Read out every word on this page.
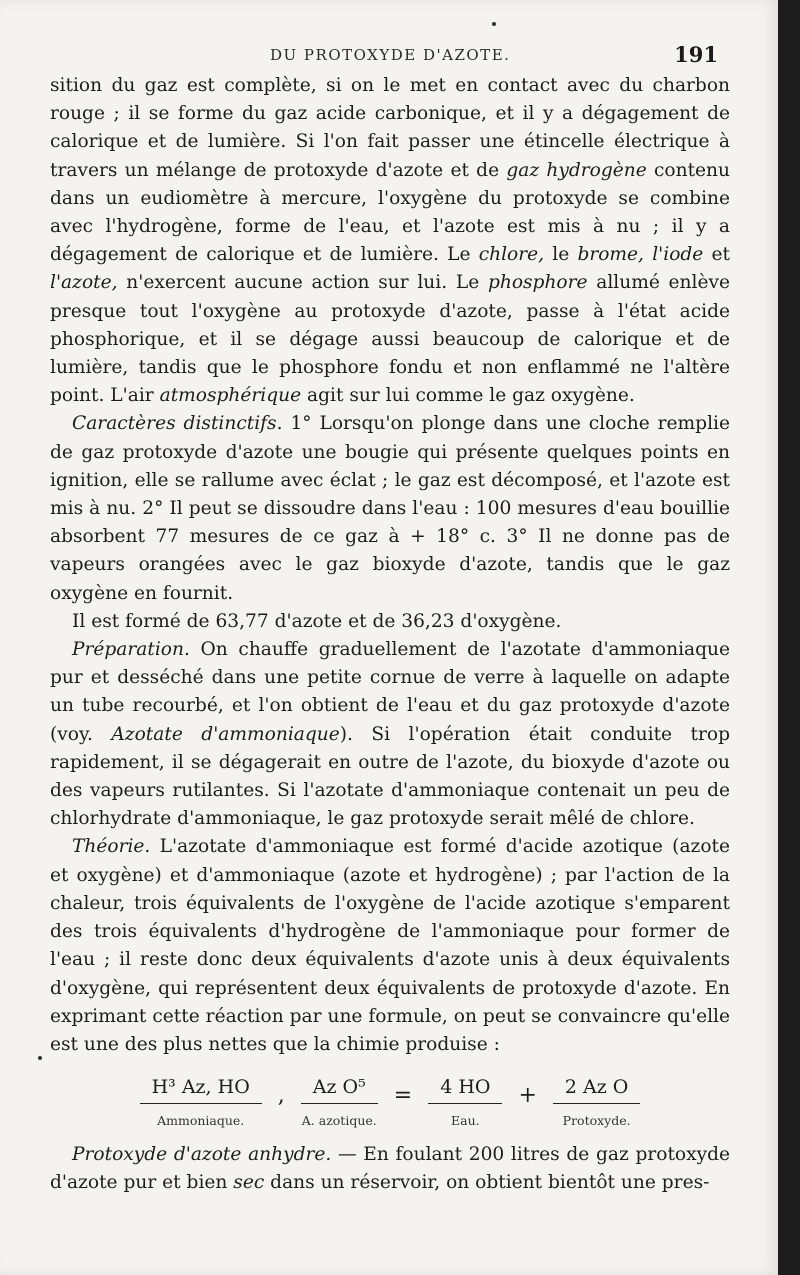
DU PROTOXYDE D'AZOTE.	191

sition du gaz est complète, si on le met en contact avec du charbon rouge ; il se forme du gaz acide carbonique, et il y a dégagement de calorique et de lumière. Si l'on fait passer une étincelle électrique à travers un mélange de protoxyde d'azote et de gaz hydrogène contenu dans un eudiomètre à mercure, l'oxygène du protoxyde se combine avec l'hydrogène, forme de l'eau, et l'azote est mis à nu ; il y a dégagement de calorique et de lumière. Le chlore, le brome, l'iode et l'azote, n'exercent aucune action sur lui. Le phosphore allumé enlève presque tout l'oxygène au protoxyde d'azote, passe à l'état acide phosphorique, et il se dégage aussi beaucoup de calorique et de lumière, tandis que le phosphore fondu et non enflammé ne l'altère point. L'air atmosphérique agit sur lui comme le gaz oxygène.

Caractères distinctifs. 1° Lorsqu'on plonge dans une cloche remplie de gaz protoxyde d'azote une bougie qui présente quelques points en ignition, elle se rallume avec éclat ; le gaz est décomposé, et l'azote est mis à nu. 2° Il peut se dissoudre dans l'eau : 100 mesures d'eau bouillie absorbent 77 mesures de ce gaz à + 18° c. 3° Il ne donne pas de vapeurs orangées avec le gaz bioxyde d'azote, tandis que le gaz oxygène en fournit.

Il est formé de 63,77 d'azote et de 36,23 d'oxygène.

Préparation. On chauffe graduellement de l'azotate d'ammoniaque pur et desséché dans une petite cornue de verre à laquelle on adapte un tube recourbé, et l'on obtient de l'eau et du gaz protoxyde d'azote (voy. Azotate d'ammoniaque). Si l'opération était conduite trop rapidement, il se dégagerait en outre de l'azote, du bioxyde d'azote ou des vapeurs rutilantes. Si l'azotate d'ammoniaque contenait un peu de chlorhydrate d'ammoniaque, le gaz protoxyde serait mêlé de chlore.

Théorie. L'azotate d'ammoniaque est formé d'acide azotique (azote et oxygène) et d'ammoniaque (azote et hydrogène) ; par l'action de la chaleur, trois équivalents de l'oxygène de l'acide azotique s'emparent des trois équivalents d'hydrogène de l'ammoniaque pour former de l'eau ; il reste donc deux équivalents d'azote unis à deux équivalents d'oxygène, qui représentent deux équivalents de protoxyde d'azote. En exprimant cette réaction par une formule, on peut se convaincre qu'elle est une des plus nettes que la chimie produise :

$\frac{\text{H³ Az, HO}}{\text{Ammoniaque.}}$ , $\frac{\text{Az O⁵}}{\text{A. azotique.}} = \frac{4 HO}{\text{Eau.}} + \frac{\text{2 Az O}}{\text{Protoxyde.}}$

Protoxyde d'azote anhydre. — En foulant 200 litres de gaz protoxyde d'azote pur et bien sec dans un réservoir, on obtient bientôt une pres-
